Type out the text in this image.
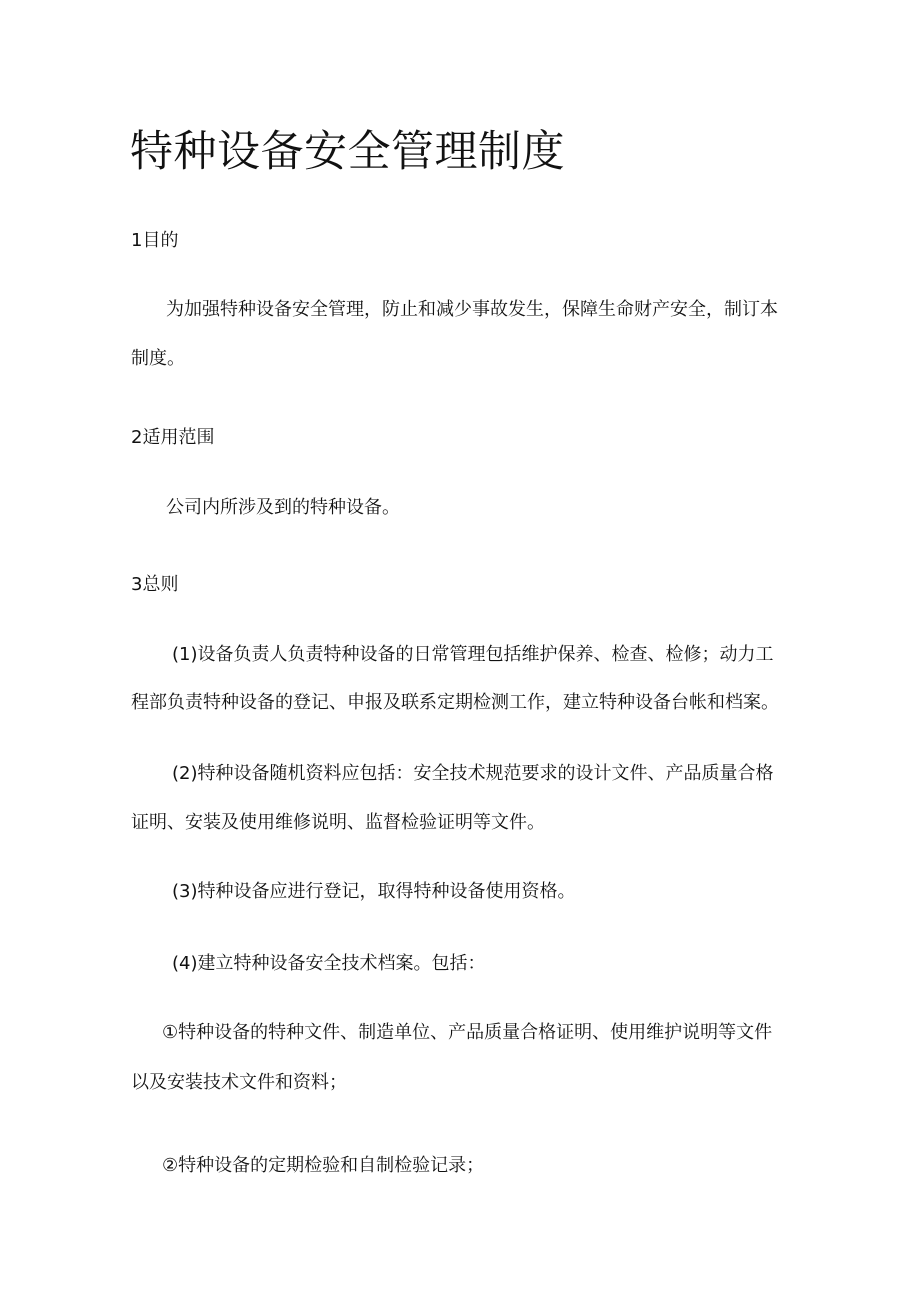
特种设备安全管理制度

1目的

为加强特种设备安全管理，防止和减少事故发生，保障生命财产安全，制订本

制度。

2适用范围

公司内所涉及到的特种设备。

3总则

(1)设备负责人负责特种设备的日常管理包括维护保养、检查、检修；动力工

程部负责特种设备的登记、申报及联系定期检测工作，建立特种设备台帐和档案。

(2)特种设备随机资料应包括：安全技术规范要求的设计文件、产品质量合格

证明、安装及使用维修说明、监督检验证明等文件。

(3)特种设备应进行登记，取得特种设备使用资格。

(4)建立特种设备安全技术档案。包括：

①特种设备的特种文件、制造单位、产品质量合格证明、使用维护说明等文件

以及安装技术文件和资料；

②特种设备的定期检验和自制检验记录；
